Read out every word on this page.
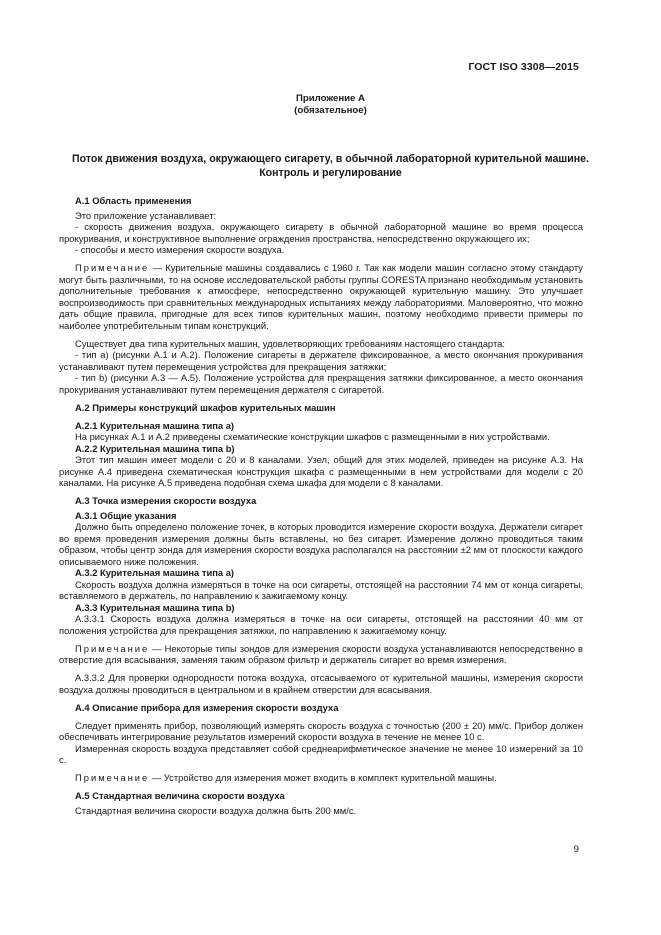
ГОСТ ISO 3308—2015
Приложение А
(обязательное)
Поток движения воздуха, окружающего сигарету, в обычной лабораторной курительной машине.
Контроль и регулирование

А.1 Область применения

Это приложение устанавливает:

- скорость движения воздуха, окружающего сигарету в обычной лабораторной машине во время процесса прокуривания, и конструктивное выполнение ограждения пространства, непосредственно окружающего их;

- способы и место измерения скорости воздуха.

Примечание — Курительные машины создавались с 1960 г. Так как модели машин согласно этому стандарту могут быть различными, то на основе исследовательской работы группы CORESTA признано необходимым установить дополнительные требования к атмосфере, непосредственно окружающей курительную машину. Это улучшает воспроизводимость при сравнительных международных испытаниях между лабораториями. Маловероятно, что можно дать общие правила, пригодные для всех типов курительных машин, поэтому необходимо привести примеры по наиболее употребительным типам конструкций.

Существует два типа курительных машин, удовлетворяющих требованиям настоящего стандарта:

- тип а) (рисунки А.1 и А.2). Положение сигареты в держателе фиксированное, а место окончания прокуривания устанавливают путем перемещения устройства для прекращения затяжки;

- тип b) (рисунки А.3 — А.5). Положение устройства для прекращения затяжки фиксированное, а место окончания прокуривания устанавливают путем перемещения держателя с сигаретой.

А.2 Примеры конструкций шкафов курительных машин

А.2.1 Курительная машина типа а)

На рисунках А.1 и А.2 приведены схематические конструкции шкафов с размещенными в них устройствами.

А.2.2 Курительная машина типа b)

Этот тип машин имеет модели с 20 и 8 каналами. Узел, общий для этих моделей, приведен на рисунке А.3. На рисунке А.4 приведена схематическая конструкция шкафа с размещенными в нем устройствами для модели с 20 каналами. На рисунке А.5 приведена подобная схема шкафа для модели с 8 каналами.

А.3 Точка измерения скорости воздуха

А.3.1 Общие указания

Должно быть определено положение точек, в которых проводится измерение скорости воздуха. Держатели сигарет во время проведения измерения должны быть вставлены, но без сигарет. Измерение должно проводиться таким образом, чтобы центр зонда для измерения скорости воздуха располагался на расстоянии ±2 мм от плоскости каждого описываемого ниже положения.

А.3.2 Курительная машина типа а)

Скорость воздуха должна измеряться в точке на оси сигареты, отстоящей на расстоянии 74 мм от конца сигареты, вставляемого в держатель, по направлению к зажигаемому концу.

А.3.3 Курительная машина типа b)

А.3.3.1 Скорость воздуха должна измеряться в точке на оси сигареты, отстоящей на расстоянии 40 мм от положения устройства для прекращения затяжки, по направлению к зажигаемому концу.

Примечание — Некоторые типы зондов для измерения скорости воздуха устанавливаются непосредственно в отверстие для всасывания, заменяя таким образом фильтр и держатель сигарет во время измерения.

А.3.3.2 Для проверки однородности потока воздуха, отсасываемого от курительной машины, измерения скорости воздуха должны проводиться в центральном и в крайнем отверстии для всасывания.

А.4 Описание прибора для измерения скорости воздуха

Следует применять прибор, позволяющий измерять скорость воздуха с точностью (200 ± 20) мм/с. Прибор должен обеспечивать интегрирование результатов измерений скорости воздуха в течение не менее 10 с.

Измеренная скорость воздуха представляет собой среднеарифметическое значение не менее 10 измерений за 10 с.

Примечание — Устройство для измерения может входить в комплект курительной машины.

А.5 Стандартная величина скорости воздуха

Стандартная величина скорости воздуха должна быть 200 мм/с.

9
